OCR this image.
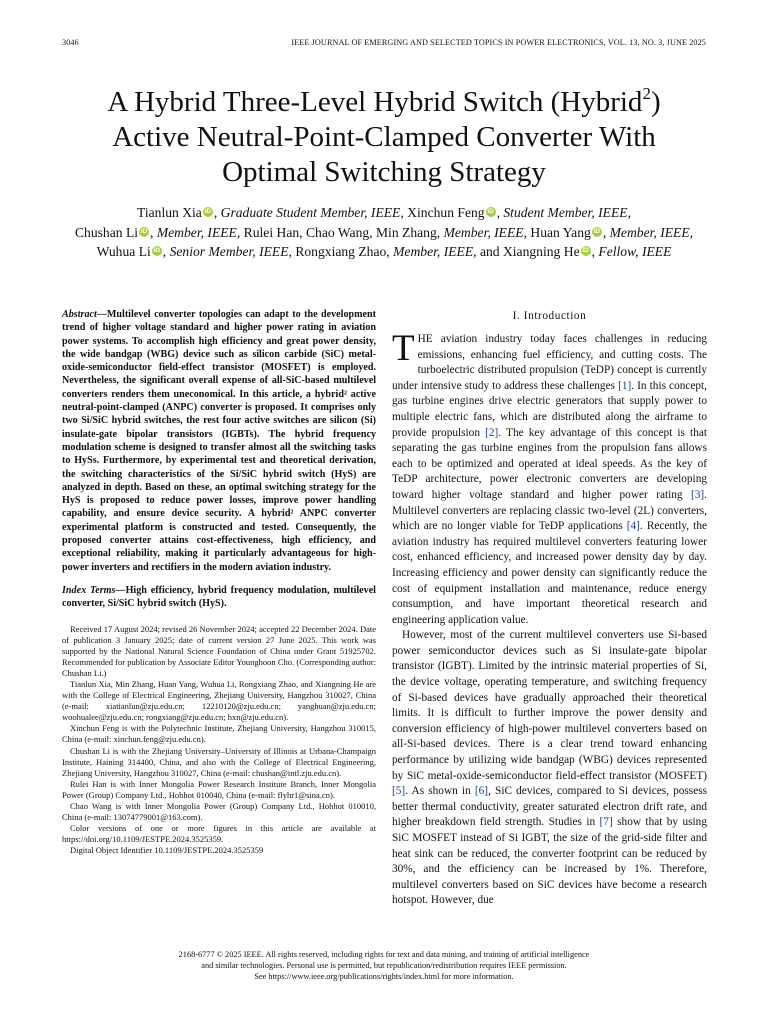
3046	IEEE JOURNAL OF EMERGING AND SELECTED TOPICS IN POWER ELECTRONICS, VOL. 13, NO. 3, JUNE 2025
A Hybrid Three-Level Hybrid Switch (Hybrid$^2$)
Active Neutral-Point-Clamped Converter With
Optimal Switching Strategy
Tianlun Xia iD , Graduate Student Member, IEEE, Xinchun Feng iD , Student Member, IEEE,
Chushan Li iD , Member, IEEE, Rulei Han, Chao Wang, Min Zhang, Member, IEEE, Huan Yang iD , Member, IEEE,
Wuhua Li iD , Senior Member, IEEE, Rongxiang Zhao, Member, IEEE, and Xiangning He iD , Fellow, IEEE

Abstract—Multilevel converter topologies can adapt to the development trend of higher voltage standard and higher power rating in aviation power systems. To accomplish high efficiency and great power density, the wide bandgap (WBG) device such as silicon carbide (SiC) metal-oxide-semiconductor field-effect transistor (MOSFET) is employed. Nevertheless, the significant overall expense of all-SiC-based multilevel converters renders them uneconomical. In this article, a hybrid² active neutral-point-clamped (ANPC) converter is proposed. It comprises only two Si/SiC hybrid switches, the rest four active switches are silicon (Si) insulate-gate bipolar transistors (IGBTs). The hybrid frequency modulation scheme is designed to transfer almost all the switching tasks to HySs. Furthermore, by experimental test and theoretical derivation, the switching characteristics of the Si/SiC hybrid switch (HyS) are analyzed in depth. Based on these, an optimal switching strategy for the HyS is proposed to reduce power losses, improve power handling capability, and ensure device security. A hybrid² ANPC converter experimental platform is constructed and tested. Consequently, the proposed converter attains cost-effectiveness, high efficiency, and exceptional reliability, making it particularly advantageous for high-power inverters and rectifiers in the modern aviation industry.

Index Terms—High efficiency, hybrid frequency modulation, multilevel converter, Si/SiC hybrid switch (HyS).

Received 17 August 2024; revised 26 November 2024; accepted 22 December 2024. Date of publication 3 January 2025; date of current version 27 June 2025. This work was supported by the National Natural Science Foundation of China under Grant 51925702. Recommended for publication by Associate Editor Younghoon Cho. (Corresponding author: Chushan Li.)

Tianlun Xia, Min Zhang, Huan Yang, Wuhua Li, Rongxiang Zhao, and Xiangning He are with the College of Electrical Engineering, Zhejiang University, Hangzhou 310027, China (e-mail: xiatianlun@zju.edu.cn; 12210120@zju.edu.cn; yanghuan@zju.edu.cn; woohualee@zju.edu.cn; rongxiang@zju.edu.cn; hxn@zju.edu.cn).

Xinchun Feng is with the Polytechnic Institute, Zhejiang University, Hangzhou 310015, China (e-mail: xinchun.feng@zju.edu.cn).

Chushan Li is with the Zhejiang University–University of Illinois at Urbana-Champaign Institute, Haining 314400, China, and also with the College of Electrical Engineering, Zhejiang University, Hangzhou 310027, China (e-mail: chushan@intl.zju.edu.cn).

Rulei Han is with Inner Mongolia Power Research Institute Branch, Inner Mongolia Power (Group) Company Ltd., Hohhot 010040, China (e-mail: flyhr1@sina.cn).

Chao Wang is with Inner Mongolia Power (Group) Company Ltd., Hohhot 010010, China (e-mail: 13074779001@163.com).

Color versions of one or more figures in this article are available at https://doi.org/10.1109/JESTPE.2024.3525359.

Digital Object Identifier 10.1109/JESTPE.2024.3525359

I. Introduction

THE aviation industry today faces challenges in reducing emissions, enhancing fuel efficiency, and cutting costs. The turboelectric distributed propulsion (TeDP) concept is currently under intensive study to address these challenges [1]. In this concept, gas turbine engines drive electric generators that supply power to multiple electric fans, which are distributed along the airframe to provide propulsion [2]. The key advantage of this concept is that separating the gas turbine engines from the propulsion fans allows each to be optimized and operated at ideal speeds. As the key of TeDP architecture, power electronic converters are developing toward higher voltage standard and higher power rating [3]. Multilevel converters are replacing classic two-level (2L) converters, which are no longer viable for TeDP applications [4]. Recently, the aviation industry has required multilevel converters featuring lower cost, enhanced efficiency, and increased power density day by day. Increasing efficiency and power density can significantly reduce the cost of equipment installation and maintenance, reduce energy consumption, and have important theoretical research and engineering application value.

However, most of the current multilevel converters use Si-based power semiconductor devices such as Si insulate-gate bipolar transistor (IGBT). Limited by the intrinsic material properties of Si, the device voltage, operating temperature, and switching frequency of Si-based devices have gradually approached their theoretical limits. It is difficult to further improve the power density and conversion efficiency of high-power multilevel converters based on all-Si-based devices. There is a clear trend toward enhancing performance by utilizing wide bandgap (WBG) devices represented by SiC metal-oxide-semiconductor field-effect transistor (MOSFET) [5]. As shown in [6], SiC devices, compared to Si devices, possess better thermal conductivity, greater saturated electron drift rate, and higher breakdown field strength. Studies in [7] show that by using SiC MOSFET instead of Si IGBT, the size of the grid-side filter and heat sink can be reduced, the converter footprint can be reduced by 30%, and the efficiency can be increased by 1%. Therefore, multilevel converters based on SiC devices have become a research hotspot. However, due

2168-6777 © 2025 IEEE. All rights reserved, including rights for text and data mining, and training of artificial intelligence
and similar technologies. Personal use is permitted, but republication/redistribution requires IEEE permission.
See https://www.ieee.org/publications/rights/index.html for more information.
